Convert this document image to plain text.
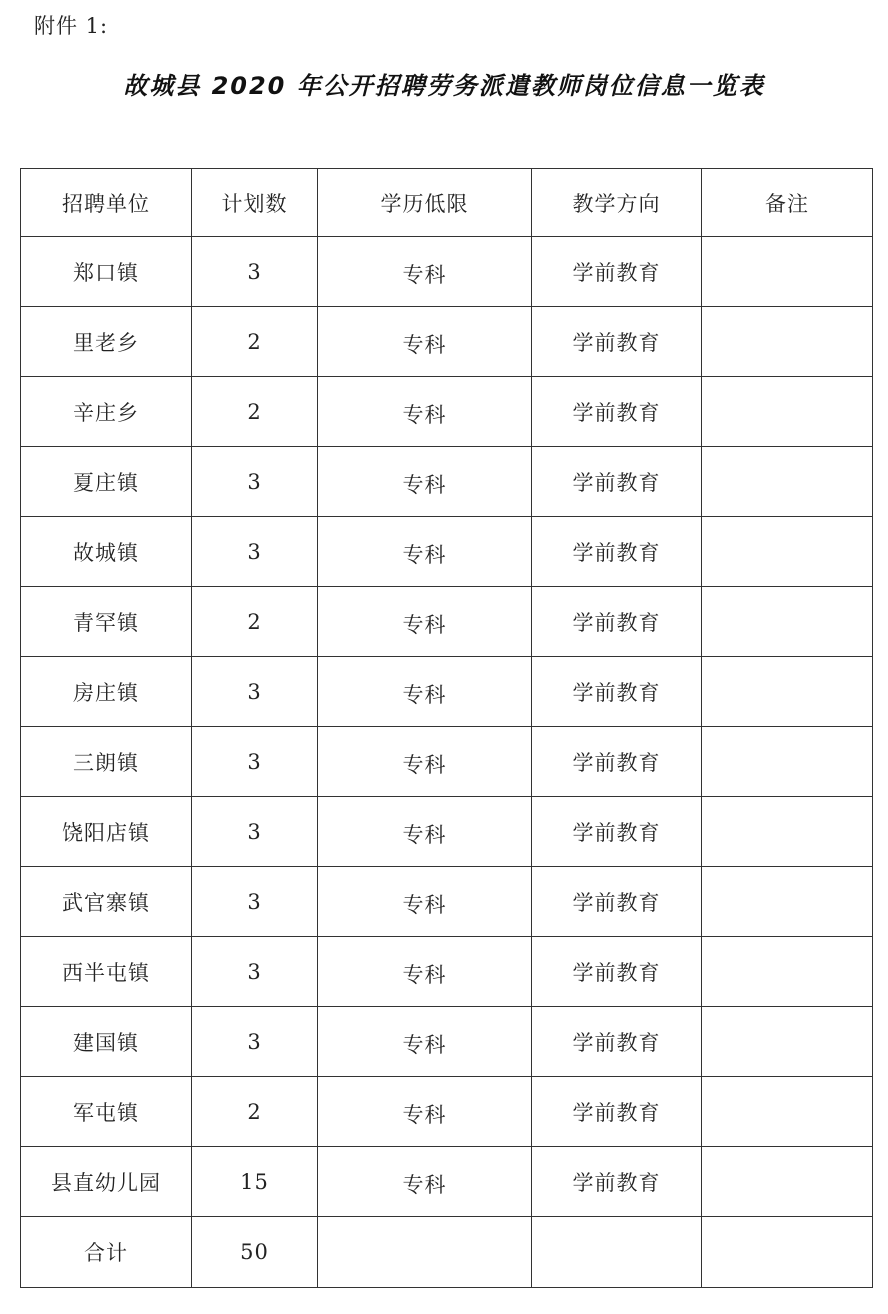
附件 1:
故城县 2020 年公开招聘劳务派遣教师岗位信息一览表
招聘单位	计划数	学历低限	教学方向	备注
郑口镇	3	专科	学前教育	
里老乡	2	专科	学前教育	
辛庄乡	2	专科	学前教育	
夏庄镇	3	专科	学前教育	
故城镇	3	专科	学前教育	
青罕镇	2	专科	学前教育	
房庄镇	3	专科	学前教育	
三朗镇	3	专科	学前教育	
饶阳店镇	3	专科	学前教育	
武官寨镇	3	专科	学前教育	
西半屯镇	3	专科	学前教育	
建国镇	3	专科	学前教育	
军屯镇	2	专科	学前教育	
县直幼儿园	15	专科	学前教育	
合计	50			
